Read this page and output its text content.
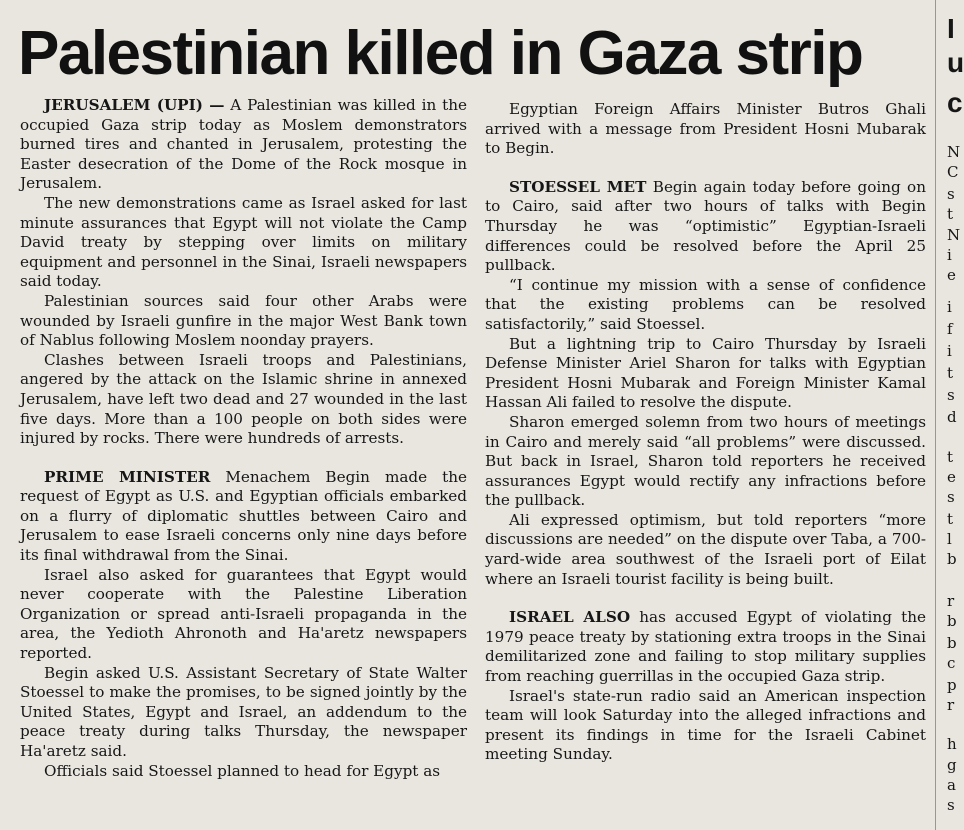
Palestinian killed in Gaza strip

JERUSALEM (UPI) — A Palestinian was killed in the occupied Gaza strip today as Moslem demonstrators burned tires and chanted in Jerusalem, protesting the Easter desecration of the Dome of the Rock mosque in Jerusalem.

The new demonstrations came as Israel asked for last minute assurances that Egypt will not violate the Camp David treaty by stepping over limits on military equipment and personnel in the Sinai, Israeli newspapers said today.

Palestinian sources said four other Arabs were wounded by Israeli gunfire in the major West Bank town of Nablus following Moslem noonday prayers.

Clashes between Israeli troops and Palestinians, angered by the attack on the Islamic shrine in annexed Jerusalem, have left two dead and 27 wounded in the last five days. More than a 100 people on both sides were injured by rocks. There were hundreds of arrests.

PRIME MINISTER Menachem Begin made the request of Egypt as U.S. and Egyptian officials embarked on a flurry of diplomatic shuttles between Cairo and Jerusalem to ease Israeli concerns only nine days before its final withdrawal from the Sinai.

Israel also asked for guarantees that Egypt would never cooperate with the Palestine Liberation Organization or spread anti-Israeli propaganda in the area, the Yedioth Ahronoth and Ha'aretz newspapers reported.

Begin asked U.S. Assistant Secretary of State Walter Stoessel to make the promises, to be signed jointly by the United States, Egypt and Israel, an addendum to the peace treaty during talks Thursday, the newspaper Ha'aretz said.

Officials said Stoessel planned to head for Egypt as

Egyptian Foreign Affairs Minister Butros Ghali arrived with a message from President Hosni Mubarak to Begin.

STOESSEL MET Begin again today before going on to Cairo, said after two hours of talks with Begin Thursday he was “optimistic” Egyptian-Israeli differences could be resolved before the April 25 pullback.

“I continue my mission with a sense of confidence that the existing problems can be resolved satisfactorily,” said Stoessel.

But a lightning trip to Cairo Thursday by Israeli Defense Minister Ariel Sharon for talks with Egyptian President Hosni Mubarak and Foreign Minister Kamal Hassan Ali failed to resolve the dispute.

Sharon emerged solemn from two hours of meetings in Cairo and merely said “all problems” were discussed. But back in Israel, Sharon told reporters he received assurances Egypt would rectify any infractions before the pullback.

Ali expressed optimism, but told reporters “more discussions are needed” on the dispute over Taba, a 700-yard-wide area southwest of the Israeli port of Eilat where an Israeli tourist facility is being built.

ISRAEL ALSO has accused Egypt of violating the 1979 peace treaty by stationing extra troops in the Sinai demilitarized zone and failing to stop military supplies from reaching guerrillas in the occupied Gaza strip.

Israel's state-run radio said an American inspection team will look Saturday into the alleged infractions and present its findings in time for the Israeli Cabinet meeting Sunday.

I
u
c
N
C
s
t
N
i
e
i
f
i
t
s
d
t
e
s
t
l
b
r
b
b
c
p
r
h
g
a
s
